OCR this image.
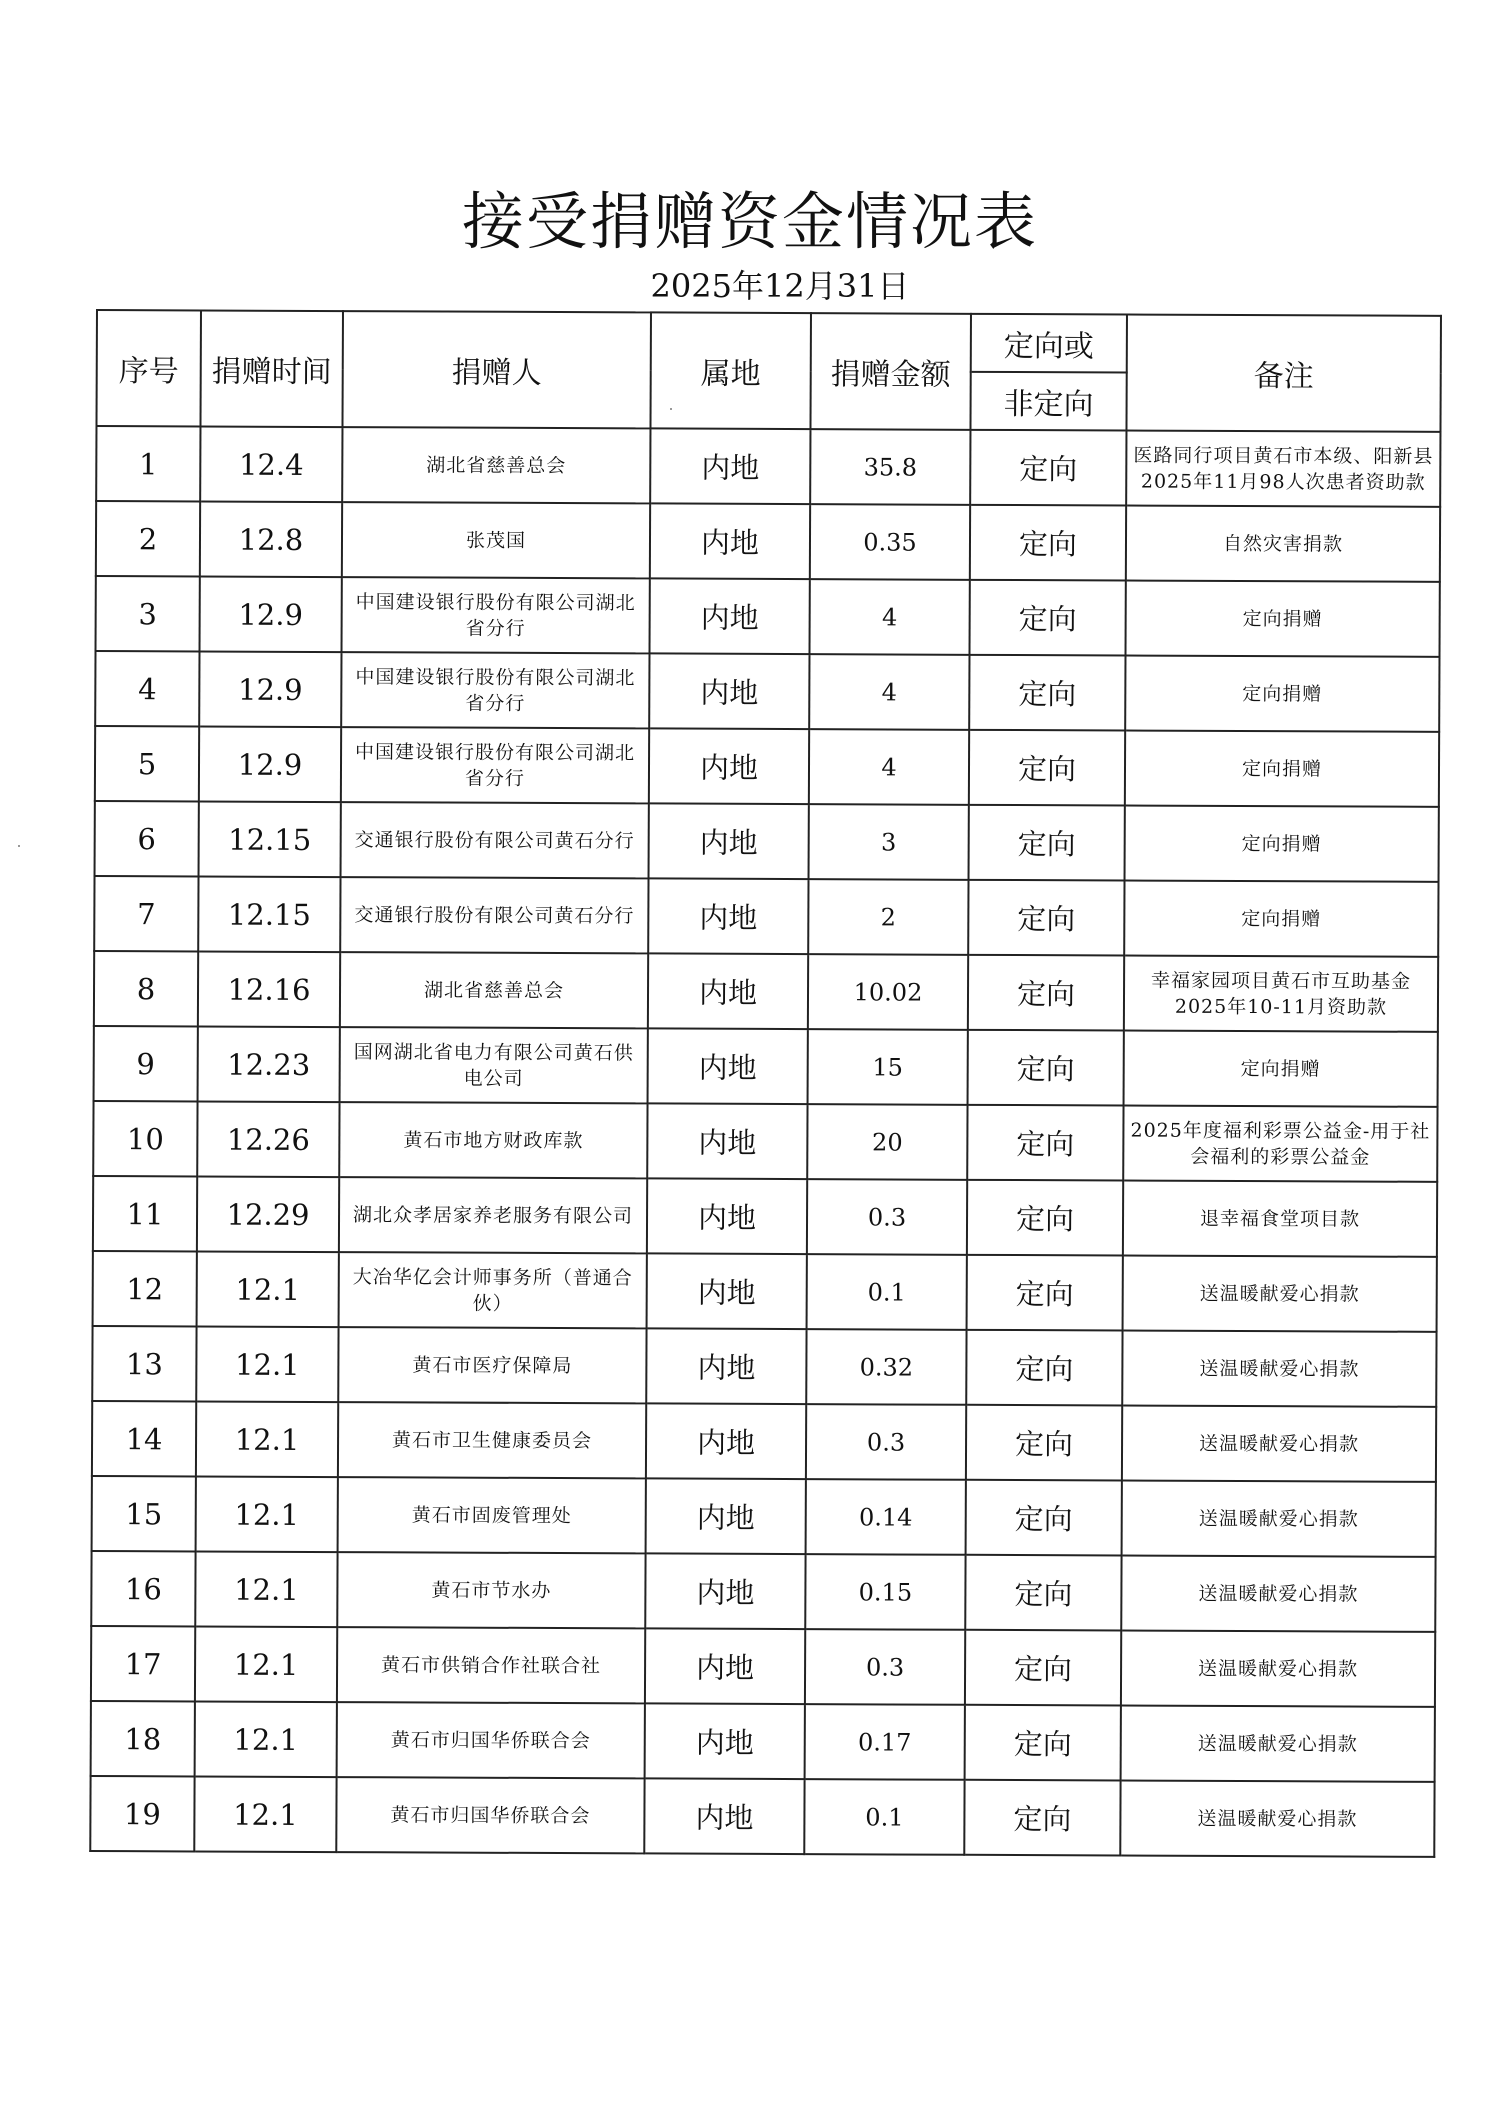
接受捐赠资金情况表
2025年12月31日
序号	捐赠时间	捐赠人	属地	捐赠金额	定向或	备注
					非定向	
1	12.4	湖北省慈善总会	内地	35.8	定向	医路同行项目黄石市本级、阳新县2025年11月98人次患者资助款
2	12.8	张茂国	内地	0.35	定向	自然灾害捐款
3	12.9	中国建设银行股份有限公司湖北省分行	内地	4	定向	定向捐赠
4	12.9	中国建设银行股份有限公司湖北省分行	内地	4	定向	定向捐赠
5	12.9	中国建设银行股份有限公司湖北省分行	内地	4	定向	定向捐赠
6	12.15	交通银行股份有限公司黄石分行	内地	3	定向	定向捐赠
7	12.15	交通银行股份有限公司黄石分行	内地	2	定向	定向捐赠
8	12.16	湖北省慈善总会	内地	10.02	定向	幸福家园项目黄石市互助基金2025年10-11月资助款
9	12.23	国网湖北省电力有限公司黄石供电公司	内地	15	定向	定向捐赠
10	12.26	黄石市地方财政库款	内地	20	定向	2025年度福利彩票公益金-用于社会福利的彩票公益金
11	12.29	湖北众孝居家养老服务有限公司	内地	0.3	定向	退幸福食堂项目款
12	12.1	大冶华亿会计师事务所（普通合伙）	内地	0.1	定向	送温暖献爱心捐款
13	12.1	黄石市医疗保障局	内地	0.32	定向	送温暖献爱心捐款
14	12.1	黄石市卫生健康委员会	内地	0.3	定向	送温暖献爱心捐款
15	12.1	黄石市固废管理处	内地	0.14	定向	送温暖献爱心捐款
16	12.1	黄石市节水办	内地	0.15	定向	送温暖献爱心捐款
17	12.1	黄石市供销合作社联合社	内地	0.3	定向	送温暖献爱心捐款
18	12.1	黄石市归国华侨联合会	内地	0.17	定向	送温暖献爱心捐款
19	12.1	黄石市归国华侨联合会	内地	0.1	定向	送温暖献爱心捐款
